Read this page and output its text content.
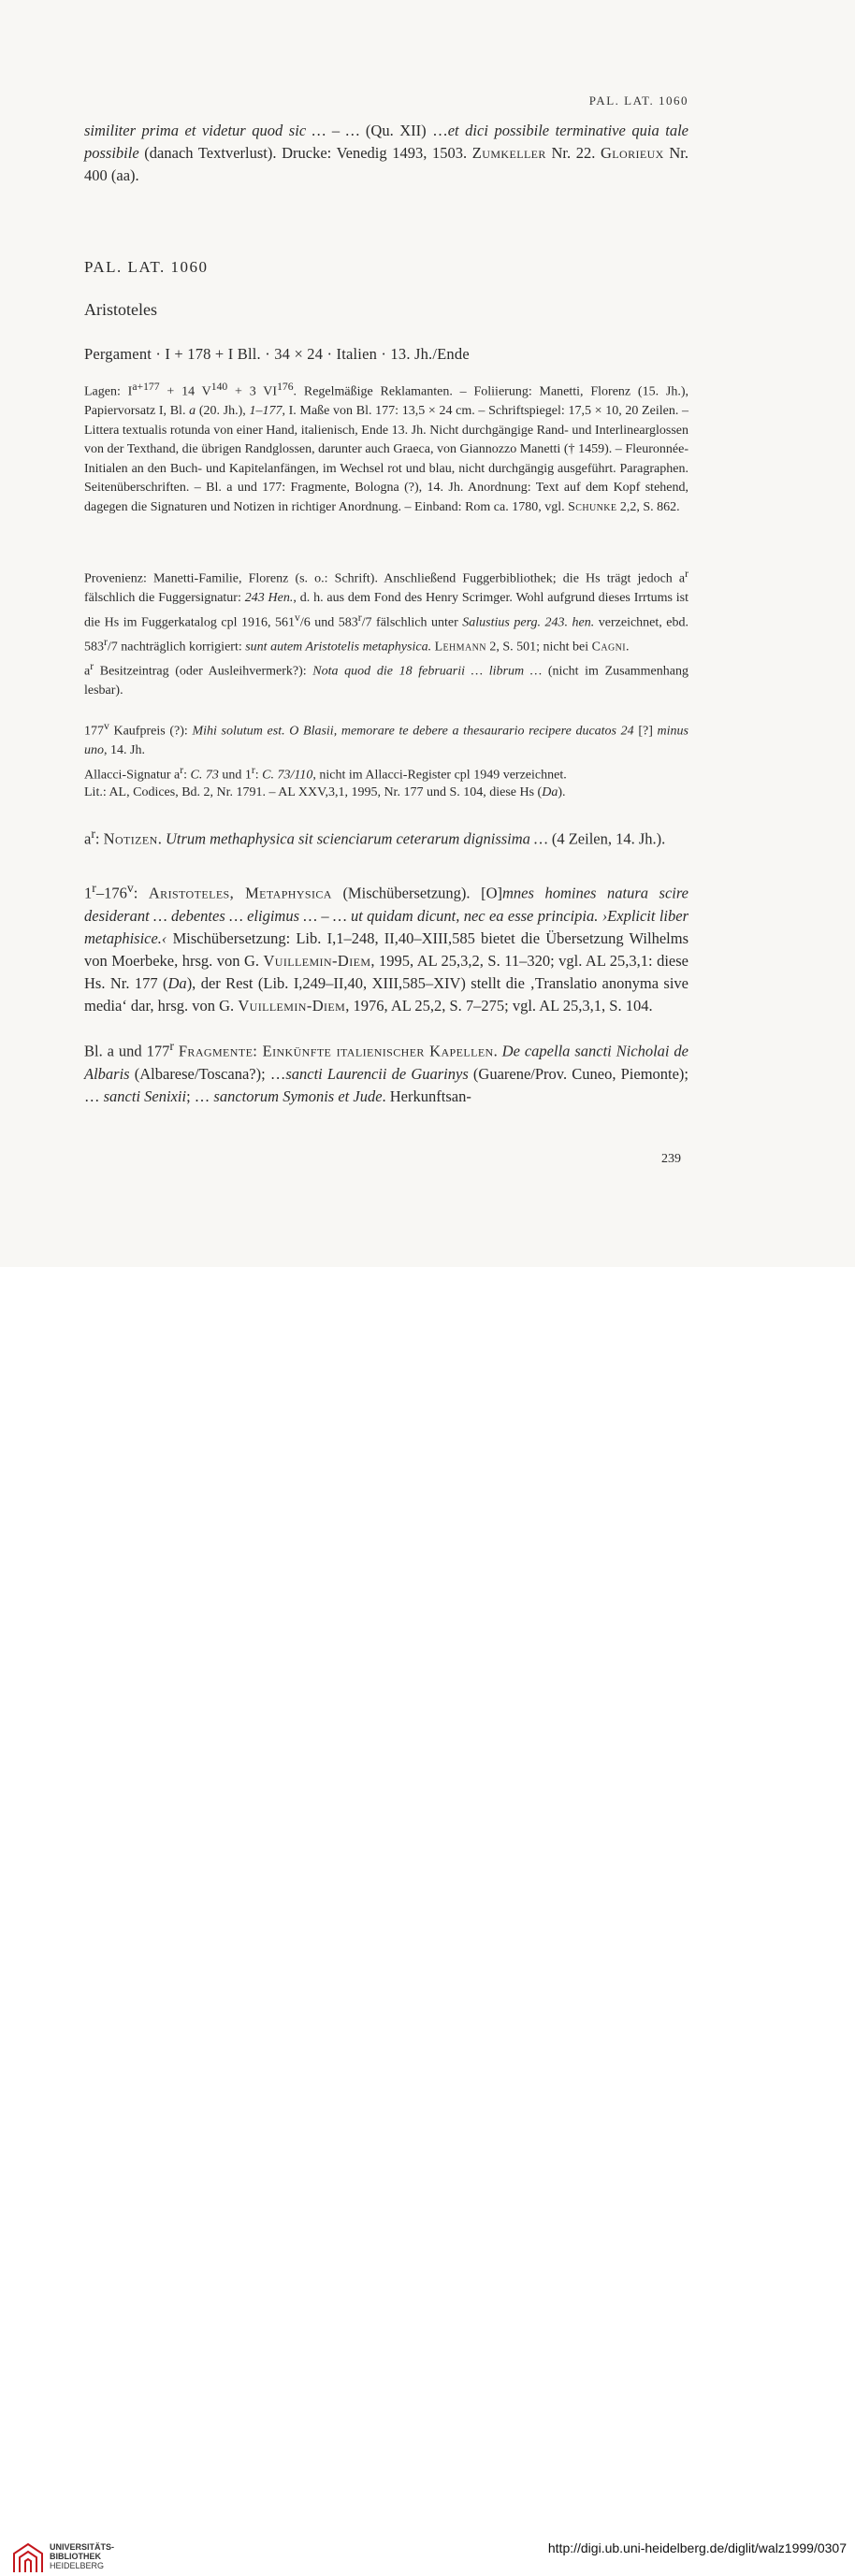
PAL. LAT. 1060

similiter prima et videtur quod sic … – … (Qu. XII) …et dici possibile terminative quia tale possibile (danach Textverlust). Drucke: Venedig 1493, 1503. Zumkeller Nr. 22. Glorieux Nr. 400 (aa).

PAL. LAT. 1060
Aristoteles
Pergament · I + 178 + I Bll. · 34 × 24 · Italien · 13. Jh./Ende

Lagen: $I^{a+177} + 14$ $V^{140} + 3$ VI$^{176}$. Regelmäßige Reklamanten. – Foliierung: Manetti, Florenz (15. Jh.), Papiervorsatz I, Bl. a (20. Jh.), 1–177, I. Maße von Bl. 177: 13,5 × 24 cm. – Schriftspiegel: 17,5 × 10, 20 Zeilen. – Littera textualis rotunda von einer Hand, italienisch, Ende 13. Jh. Nicht durchgängige Rand- und Interlinearglossen von der Texthand, die übrigen Randglossen, darunter auch Graeca, von Giannozzo Manetti († 1459). – Fleuronnée-Initialen an den Buch- und Kapitelanfängen, im Wechsel rot und blau, nicht durchgängig ausgeführt. Paragraphen. Seitenüberschriften. – Bl. a und 177: Fragmente, Bologna (?), 14. Jh. Anordnung: Text auf dem Kopf stehend, dagegen die Signaturen und Notizen in richtiger Anordnung. – Einband: Rom ca. 1780, vgl. Schunke 2,2, S. 862.

Provenienz: Manetti-Familie, Florenz (s. o.: Schrift). Anschließend Fuggerbibliothek; die Hs trägt jedoch $a^r$ fälschlich die Fuggersignatur: 243 Hen., d. h. aus dem Fond des Henry Scrimger. Wohl aufgrund dieses Irrtums ist die Hs im Fuggerkatalog cpl 1916, 561$^v$/6 und 583$^r$/7 fälschlich unter Salustius perg. 243. hen. verzeichnet, ebd. 583$^r$/7 nachträglich korrigiert: sunt autem Aristotelis metaphysica. Lehmann 2, S. 501; nicht bei Cagni.

$a^r$ Besitzeintrag (oder Ausleihvermerk?): Nota quod die 18 februarii … librum … (nicht im Zusammenhang lesbar).

177$^v$ Kaufpreis (?): Mihi solutum est. O Blasii, memorare te debere a thesaurario recipere ducatos 24 [?] minus uno, 14. Jh.

Allacci-Signatur $a^r$: C. 73 und 1$^r$: C. 73/110, nicht im Allacci-Register cpl 1949 verzeichnet.

Lit.: AL, Codices, Bd. 2, Nr. 1791. – AL XXV,3,1, 1995, Nr. 177 und S. 104, diese Hs (Da).

$a^r$: Notizen. Utrum methaphysica sit scienciarum ceterarum dignissima … (4 Zeilen, 14. Jh.).

1$^r$–176$^v$: Aristoteles, Metaphysica (Mischübersetzung). [O]mnes homines natura scire desiderant … debentes … eligimus … – … ut quidam dicunt, nec ea esse principia. ›Explicit liber metaphisice.‹ Mischübersetzung: Lib. I,1–248, II,40–XIII,585 bietet die Übersetzung Wilhelms von Moerbeke, hrsg. von G. Vuillemin-Diem, 1995, AL 25,3,2, S. 11–320; vgl. AL 25,3,1: diese Hs. Nr. 177 (Da), der Rest (Lib. I,249–II,40, XIII,585–XIV) stellt die ‚Translatio anonyma sive media‘ dar, hrsg. von G. Vuillemin-Diem, 1976, AL 25,2, S. 7–275; vgl. AL 25,3,1, S. 104.

Bl. a und 177$^r$ Fragmente: Einkünfte italienischer Kapellen. De capella sancti Nicholai de Albaris (Albarese/Toscana?); …sancti Laurencii de Guarinys (Guarene/Prov. Cuneo, Piemonte); … sancti Senixii; … sanctorum Symonis et Jude. Herkunftsan-

239
UNIVERSITÄTS-
BIBLIOTHEK
HEIDELBERG
http://digi.ub.uni-heidelberg.de/diglit/walz1999/0307
